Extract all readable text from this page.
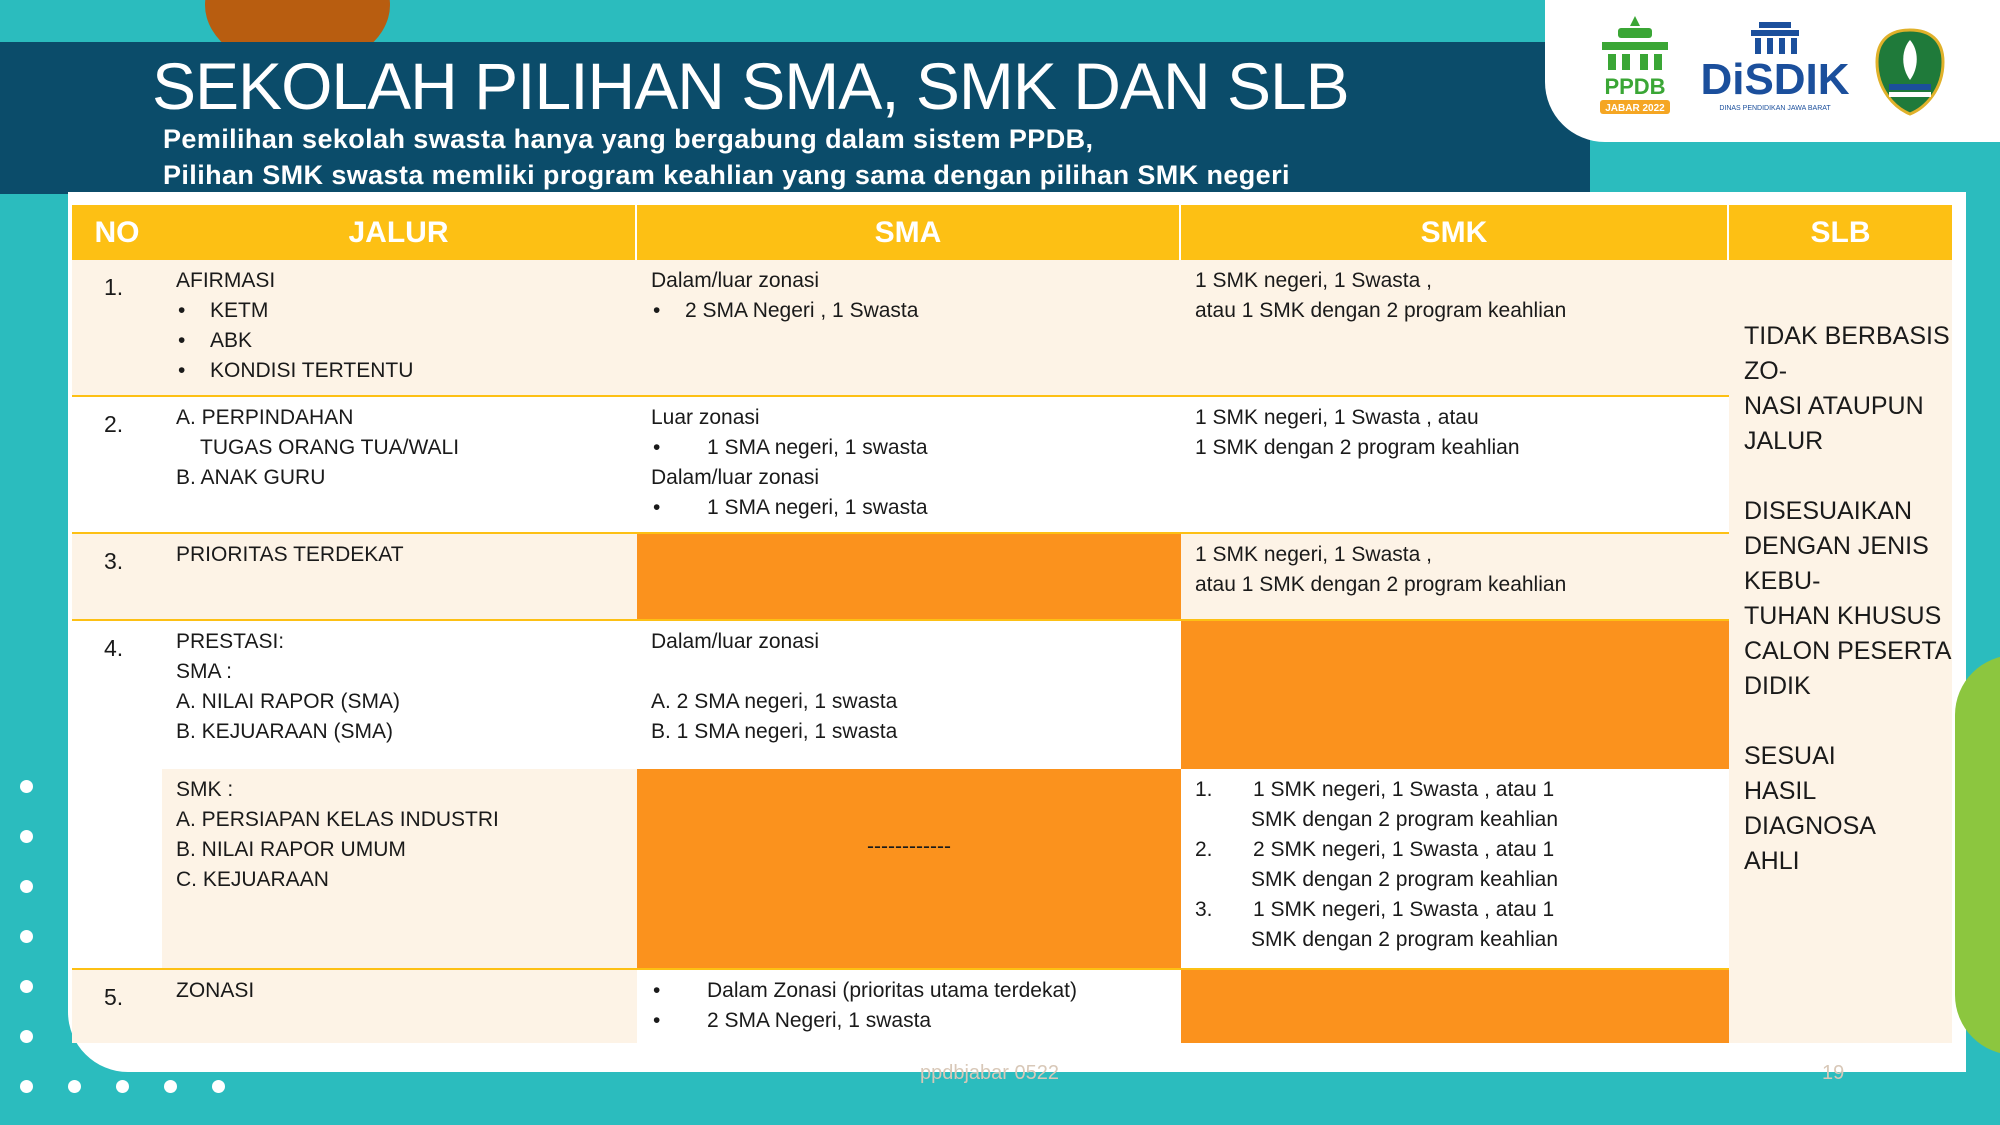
SEKOLAH PILIHAN SMA, SMK DAN SLB
Pemilihan sekolah swasta hanya yang bergabung dalam sistem PPDB,
Pilihan SMK swasta memliki program keahlian yang sama dengan pilihan SMK negeri
PPDB
JABAR 2022
DiSDIK
DINAS PENDIDIKAN JAWA BARAT
NO	JALUR	SMA	SMK	SLB
TIDAK BERBASIS ZO-
NASI ATAUPUN JALUR
DISESUAIKAN
DENGAN JENIS KEBU-
TUHAN KHUSUS
CALON PESERTA DIDIK
SESUAI
HASIL DIAGNOSA
AHLI
1.	AFIRMASI
• KETM
• ABK
• KONDISI TERTENTU
Dalam/luar zonasi
• 2 SMA Negeri , 1 Swasta
1 SMK negeri, 1 Swasta ,
atau 1 SMK dengan 2 program keahlian
2.	A. PERPINDAHAN
TUGAS ORANG TUA/WALI
B. ANAK GURU
Luar zonasi
• 1 SMA negeri, 1 swasta
Dalam/luar zonasi
• 1 SMA negeri, 1 swasta
1 SMK negeri, 1 Swasta , atau
1 SMK dengan 2 program keahlian
3.	PRIORITAS TERDEKAT	1 SMK negeri, 1 Swasta ,
atau 1 SMK dengan 2 program keahlian
4.	PRESTASI:
SMA :
A. NILAI RAPOR (SMA)
B. KEJUARAAN (SMA)
Dalam/luar zonasi
A. 2 SMA negeri, 1 swasta
B. 1 SMA negeri, 1 swasta
SMK :
A. PERSIAPAN KELAS INDUSTRI
B. NILAI RAPOR UMUM
C. KEJUARAAN
------------
1. 1 SMK negeri, 1 Swasta , atau 1
SMK dengan 2 program keahlian
2. 2 SMK negeri, 1 Swasta , atau 1
SMK dengan 2 program keahlian
3. 1 SMK negeri, 1 Swasta , atau 1
SMK dengan 2 program keahlian
5.	ZONASI
•	Dalam Zonasi (prioritas utama terdekat)
• 2 SMA Negeri, 1 swasta
ppdbjabar 0522	19
